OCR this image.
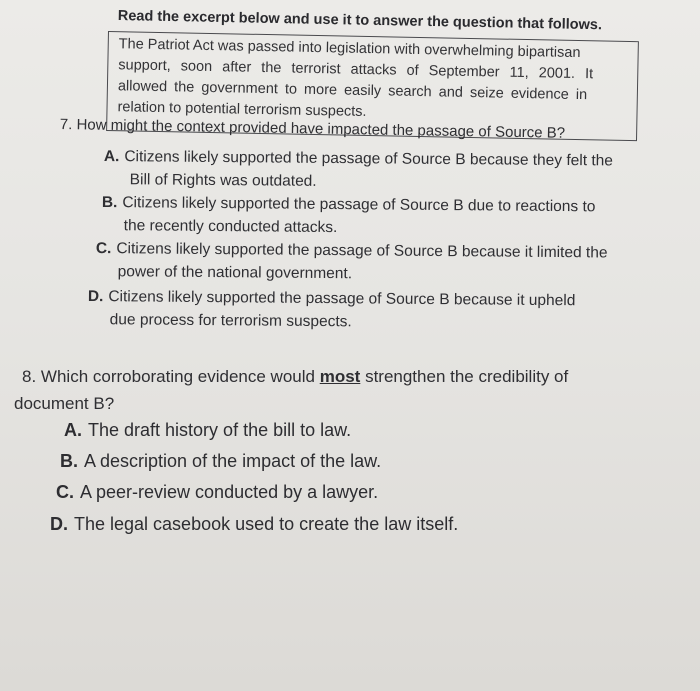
Read the excerpt below and use it to answer the question that follows.
The Patriot Act was passed into legislation with overwhelming bipartisan
support, soon after the terrorist attacks of September 11, 2001. It
allowed the government to more easily search and seize evidence in
relation to potential terrorism suspects.
7. How might the context provided have impacted the passage of Source B?
A. Citizens likely supported the passage of Source B because they felt the
Bill of Rights was outdated.
B. Citizens likely supported the passage of Source B due to reactions to
the recently conducted attacks.
C. Citizens likely supported the passage of Source B because it limited the
power of the national government.
D. Citizens likely supported the passage of Source B because it upheld
due process for terrorism suspects.
8. Which corroborating evidence would most strengthen the credibility of
document B?
A. The draft history of the bill to law.
B. A description of the impact of the law.
C. A peer-review conducted by a lawyer.
D. The legal casebook used to create the law itself.
